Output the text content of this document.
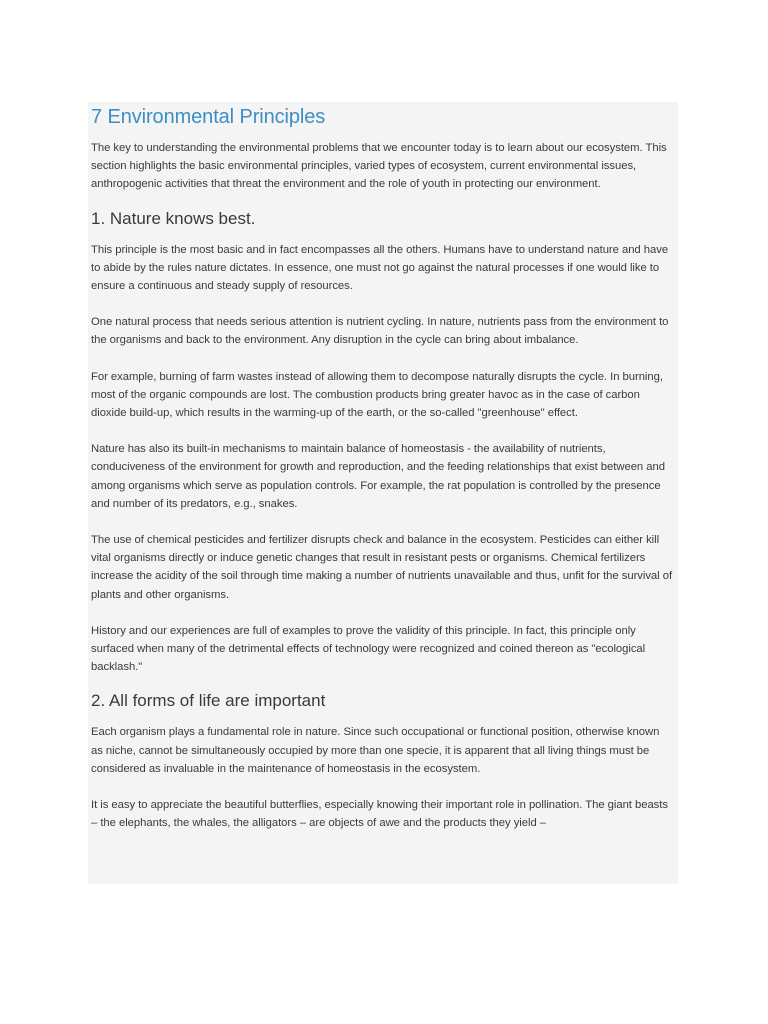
7 Environmental Principles

The key to understanding the environmental problems that we encounter today is to learn about our ecosystem. This section highlights the basic environmental principles, varied types of ecosystem, current environmental issues, anthropogenic activities that threat the environment and the role of youth in protecting our environment.

1. Nature knows best.

This principle is the most basic and in fact encompasses all the others. Humans have to understand nature and have to abide by the rules nature dictates. In essence, one must not go against the natural processes if one would like to ensure a continuous and steady supply of resources.

One natural process that needs serious attention is nutrient cycling. In nature, nutrients pass from the environment to the organisms and back to the environment. Any disruption in the cycle can bring about imbalance.

For example, burning of farm wastes instead of allowing them to decompose naturally disrupts the cycle. In burning, most of the organic compounds are lost. The combustion products bring greater havoc as in the case of carbon dioxide build-up, which results in the warming-up of the earth, or the so-called "greenhouse" effect.

Nature has also its built-in mechanisms to maintain balance of homeostasis - the availability of nutrients, conduciveness of the environment for growth and reproduction, and the feeding relationships that exist between and among organisms which serve as population controls. For example, the rat population is controlled by the presence and number of its predators, e.g., snakes.

The use of chemical pesticides and fertilizer disrupts check and balance in the ecosystem. Pesticides can either kill vital organisms directly or induce genetic changes that result in resistant pests or organisms. Chemical fertilizers increase the acidity of the soil through time making a number of nutrients unavailable and thus, unfit for the survival of plants and other organisms.

History and our experiences are full of examples to prove the validity of this principle. In fact, this principle only surfaced when many of the detrimental effects of technology were recognized and coined thereon as "ecological backlash."

2. All forms of life are important

Each organism plays a fundamental role in nature. Since such occupational or functional position, otherwise known as niche, cannot be simultaneously occupied by more than one specie, it is apparent that all living things must be considered as invaluable in the maintenance of homeostasis in the ecosystem.

It is easy to appreciate the beautiful butterflies, especially knowing their important role in pollination. The giant beasts – the elephants, the whales, the alligators – are objects of awe and the products they yield –
